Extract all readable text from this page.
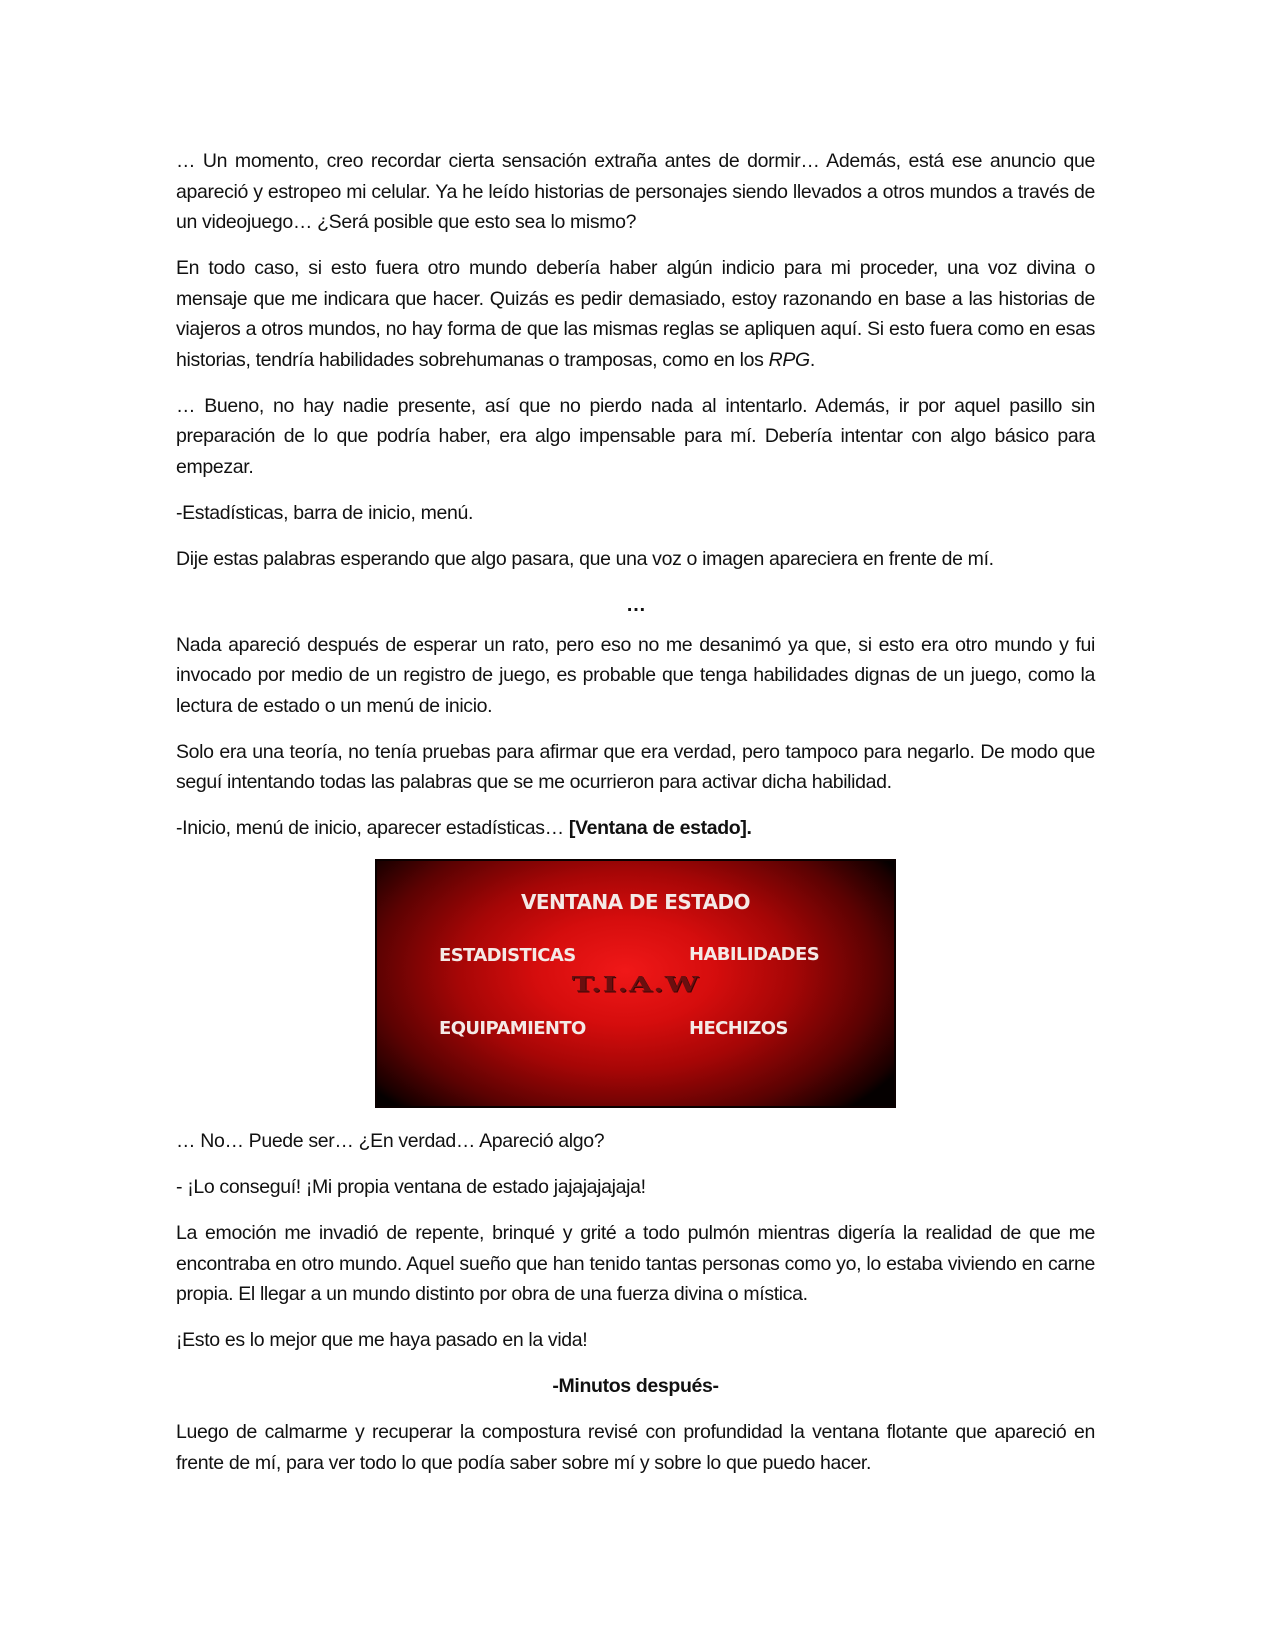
… Un momento, creo recordar cierta sensación extraña antes de dormir… Además, está ese anuncio que apareció y estropeo mi celular. Ya he leído historias de personajes siendo llevados a otros mundos a través de un videojuego… ¿Será posible que esto sea lo mismo?

En todo caso, si esto fuera otro mundo debería haber algún indicio para mi proceder, una voz divina o mensaje que me indicara que hacer. Quizás es pedir demasiado, estoy razonando en base a las historias de viajeros a otros mundos, no hay forma de que las mismas reglas se apliquen aquí. Si esto fuera como en esas historias, tendría habilidades sobrehumanas o tramposas, como en los RPG.

… Bueno, no hay nadie presente, así que no pierdo nada al intentarlo. Además, ir por aquel pasillo sin preparación de lo que podría haber, era algo impensable para mí. Debería intentar con algo básico para empezar.

-Estadísticas, barra de inicio, menú.

Dije estas palabras esperando que algo pasara, que una voz o imagen apareciera en frente de mí.

…

Nada apareció después de esperar un rato, pero eso no me desanimó ya que, si esto era otro mundo y fui invocado por medio de un registro de juego, es probable que tenga habilidades dignas de un juego, como la lectura de estado o un menú de inicio.

Solo era una teoría, no tenía pruebas para afirmar que era verdad, pero tampoco para negarlo. De modo que seguí intentando todas las palabras que se me ocurrieron para activar dicha habilidad.

-Inicio, menú de inicio, aparecer estadísticas… [Ventana de estado].

VENTANA DE ESTADO
ESTADISTICAS	HABILIDADES
T.I.A.W
EQUIPAMIENTO	HECHIZOS

… No… Puede ser… ¿En verdad… Apareció algo?

- ¡Lo conseguí! ¡Mi propia ventana de estado jajajajajaja!

La emoción me invadió de repente, brinqué y grité a todo pulmón mientras digería la realidad de que me encontraba en otro mundo. Aquel sueño que han tenido tantas personas como yo, lo estaba viviendo en carne propia. El llegar a un mundo distinto por obra de una fuerza divina o mística.

¡Esto es lo mejor que me haya pasado en la vida!

-Minutos después-

Luego de calmarme y recuperar la compostura revisé con profundidad la ventana flotante que apareció en frente de mí, para ver todo lo que podía saber sobre mí y sobre lo que puedo hacer.
